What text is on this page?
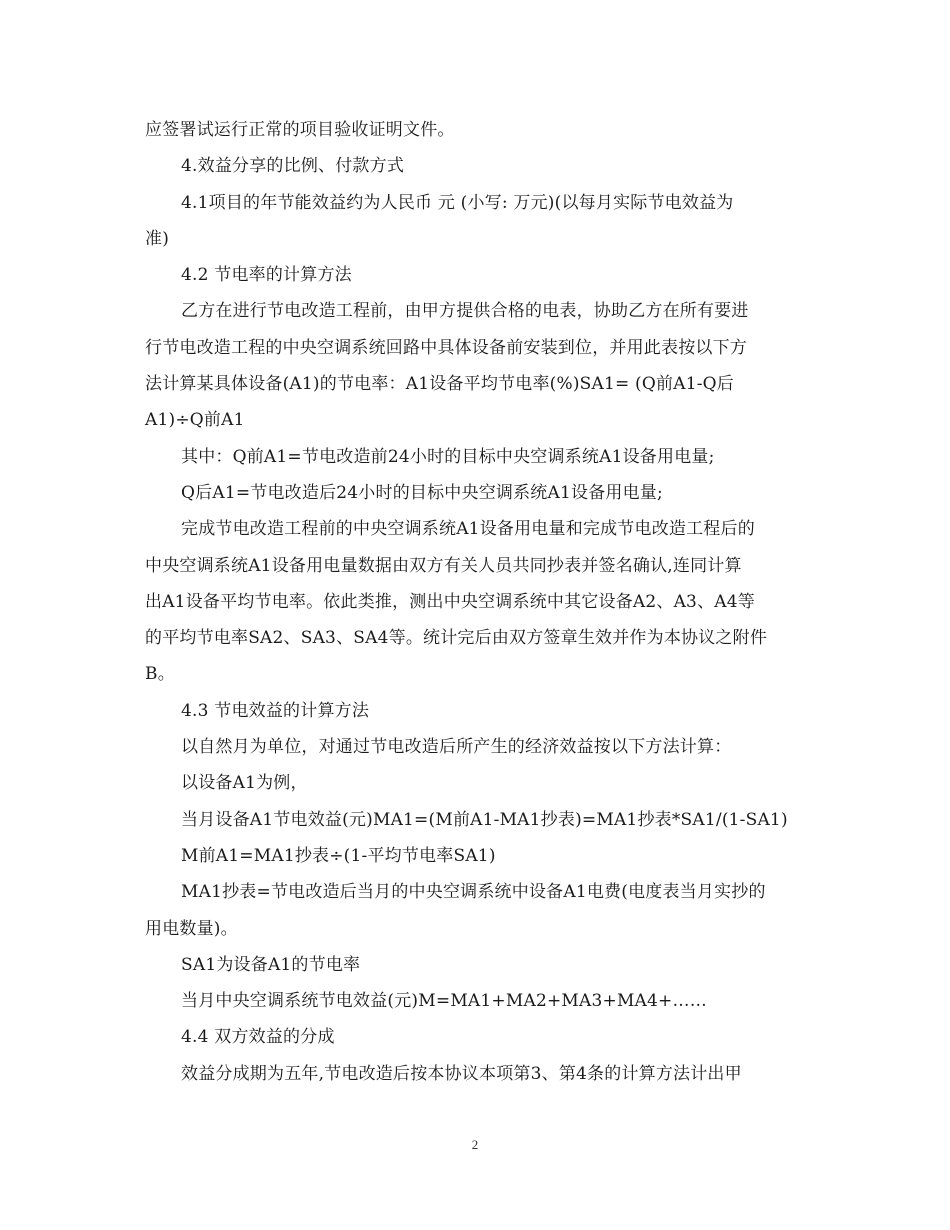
应签署试运行正常的项目验收证明文件。
4.效益分享的比例、付款方式
4.1项目的年节能效益约为人民币 元 (小写: 万元)(以每月实际节电效益为
准)
4.2 节电率的计算方法
乙方在进行节电改造工程前，由甲方提供合格的电表，协助乙方在所有要进
行节电改造工程的中央空调系统回路中具体设备前安装到位，并用此表按以下方
法计算某具体设备(A1)的节电率：A1设备平均节电率(%)SA1= (Q前A1-Q后
A1)÷Q前A1
其中：Q前A1=节电改造前24小时的目标中央空调系统A1设备用电量;
Q后A1=节电改造后24小时的目标中央空调系统A1设备用电量;
完成节电改造工程前的中央空调系统A1设备用电量和完成节电改造工程后的
中央空调系统A1设备用电量数据由双方有关人员共同抄表并签名确认,连同计算
出A1设备平均节电率。依此类推，测出中央空调系统中其它设备A2、A3、A4等
的平均节电率SA2、SA3、SA4等。统计完后由双方签章生效并作为本协议之附件
B。
4.3 节电效益的计算方法
以自然月为单位，对通过节电改造后所产生的经济效益按以下方法计算：
以设备A1为例，
当月设备A1节电效益(元)MA1=(M前A1-MA1抄表)=MA1抄表*SA1/(1-SA1)
M前A1=MA1抄表÷(1-平均节电率SA1)
MA1抄表=节电改造后当月的中央空调系统中设备A1电费(电度表当月实抄的
用电数量)。
SA1为设备A1的节电率
当月中央空调系统节电效益(元)M=MA1+MA2+MA3+MA4+……
4.4 双方效益的分成
效益分成期为五年,节电改造后按本协议本项第3、第4条的计算方法计出甲
2
